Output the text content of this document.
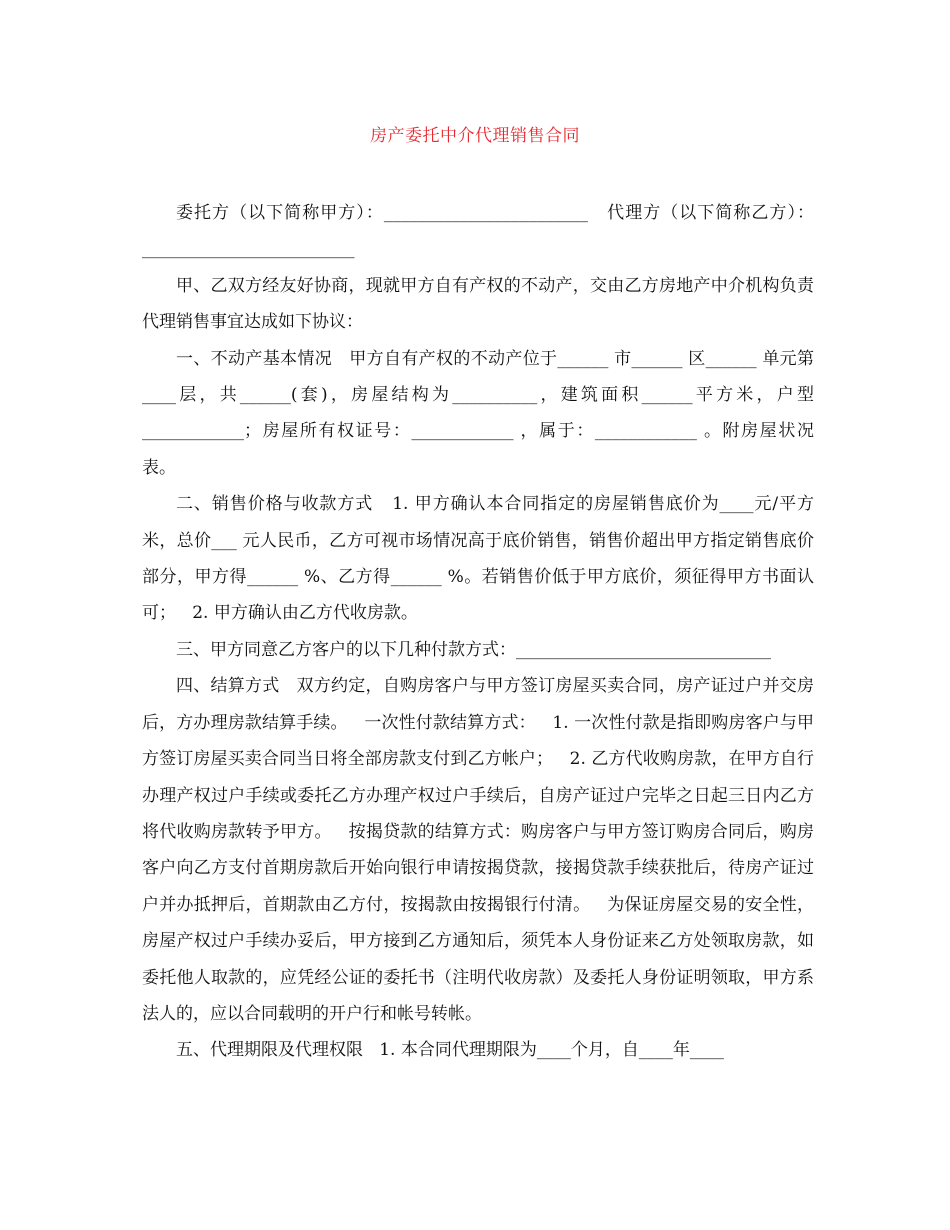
房产委托中介代理销售合同

委托方（以下简称甲方）：________________________   代理方（以下简称乙方）：_________________________

甲、乙双方经友好协商，现就甲方自有产权的不动产，交由乙方房地产中介机构负责代理销售事宜达成如下协议：

一、不动产基本情况   甲方自有产权的不动产位于______ 市______ 区______ 单元第____层，共______(套)，房屋结构为__________，建筑面积______平方米，户型 ____________；房屋所有权证号：____________ ，属于：____________ 。附房屋状况表。

二、销售价格与收款方式   1. 甲方确认本合同指定的房屋销售底价为____元/平方米，总价___ 元人民币，乙方可视市场情况高于底价销售，销售价超出甲方指定销售底价部分，甲方得______ %、乙方得______ %。若销售价低于甲方底价，须征得甲方书面认可；   2. 甲方确认由乙方代收房款。

三、甲方同意乙方客户的以下几种付款方式：______________________________

四、结算方式   双方约定，自购房客户与甲方签订房屋买卖合同，房产证过户并交房后，方办理房款结算手续。   一次性付款结算方式：   1. 一次性付款是指即购房客户与甲方签订房屋买卖合同当日将全部房款支付到乙方帐户；   2. 乙方代收购房款，在甲方自行办理产权过户手续或委托乙方办理产权过户手续后，自房产证过户完毕之日起三日内乙方将代收购房款转予甲方。   按揭贷款的结算方式：购房客户与甲方签订购房合同后，购房客户向乙方支付首期房款后开始向银行申请按揭贷款，接揭贷款手续获批后，待房产证过户并办抵押后，首期款由乙方付，按揭款由按揭银行付清。   为保证房屋交易的安全性，房屋产权过户手续办妥后，甲方接到乙方通知后，须凭本人身份证来乙方处领取房款，如委托他人取款的，应凭经公证的委托书（注明代收房款）及委托人身份证明领取，甲方系法人的，应以合同载明的开户行和帐号转帐。

五、代理期限及代理权限   1. 本合同代理期限为____个月，自____年____
